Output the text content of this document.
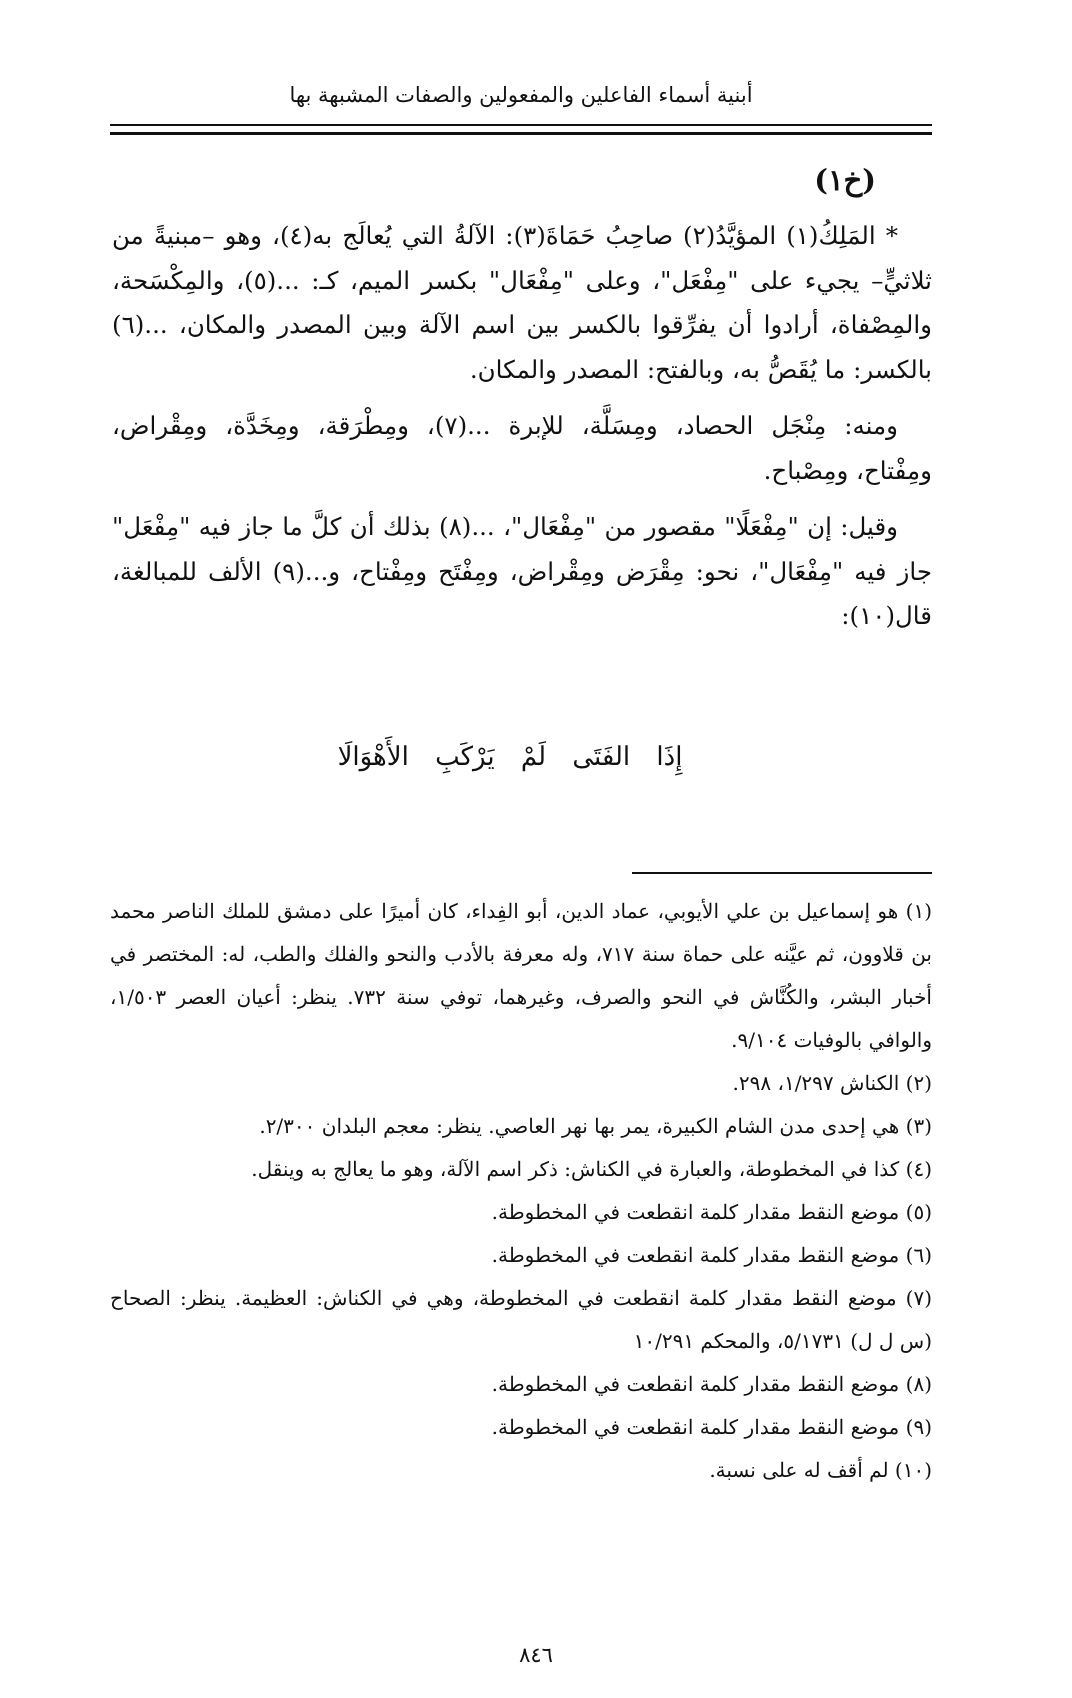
أبنية أسماء الفاعلين والمفعولين والصفات المشبهة بها
(خ١)

* المَلِكُ(١) المؤيَّدُ(٢) صاحِبُ حَمَاةَ(٣): الآلةُ التي يُعالَج به(٤)، وهو –مبنيةً من ثلاثيٍّ– يجيء على "مِفْعَل"، وعلى "مِفْعَال" بكسر الميم، كـ: ...(٥)، والمِكْسَحة، والمِصْفاة، أرادوا أن يفرِّقوا بالكسر بين اسم الآلة وبين المصدر والمكان، ...(٦) بالكسر: ما يُقَصُّ به، وبالفتح: المصدر والمكان.

ومنه: مِنْجَل الحصاد، ومِسَلَّة، للإبرة ...(٧)، ومِطْرَقة، ومِخَدَّة، ومِقْراض، ومِفْتاح، ومِصْباح.

وقيل: إن "مِفْعَلًا" مقصور من "مِفْعَال"، ...(٨) بذلك أن كلَّ ما جاز فيه "مِفْعَل" جاز فيه "مِفْعَال"، نحو: مِقْرَض ومِقْراض، ومِفْتَح ومِفْتاح، و...(٩) الألف للمبالغة، قال(١٠):

إِذَا الفَتَى لَمْ يَرْكَبِ الأَهْوَالَا
(١) هو إسماعيل بن علي الأيوبي، عماد الدين، أبو الفِداء، كان أميرًا على دمشق للملك الناصر محمد بن قلاوون، ثم عيَّنه على حماة سنة ٧١٧، وله معرفة بالأدب والنحو والفلك والطب، له: المختصر في أخبار البشر، والكُنَّاش في النحو والصرف، وغيرهما، توفي سنة ٧٣٢. ينظر: أعيان العصر ١/٥٠٣، والوافي بالوفيات ٩/١٠٤.
(٢) الكناش ١/٢٩٧، ٢٩٨.
(٣) هي إحدى مدن الشام الكبيرة، يمر بها نهر العاصي. ينظر: معجم البلدان ٢/٣٠٠.
(٤) كذا في المخطوطة، والعبارة في الكناش: ذكر اسم الآلة، وهو ما يعالج به وينقل.
(٥) موضع النقط مقدار كلمة انقطعت في المخطوطة.
(٦) موضع النقط مقدار كلمة انقطعت في المخطوطة.
(٧) موضع النقط مقدار كلمة انقطعت في المخطوطة، وهي في الكناش: العظيمة. ينظر: الصحاح (س ل ل) ٥/١٧٣١، والمحكم ١٠/٢٩١
(٨) موضع النقط مقدار كلمة انقطعت في المخطوطة.
(٩) موضع النقط مقدار كلمة انقطعت في المخطوطة.
(١٠) لم أقف له على نسبة.
٨٤٦
